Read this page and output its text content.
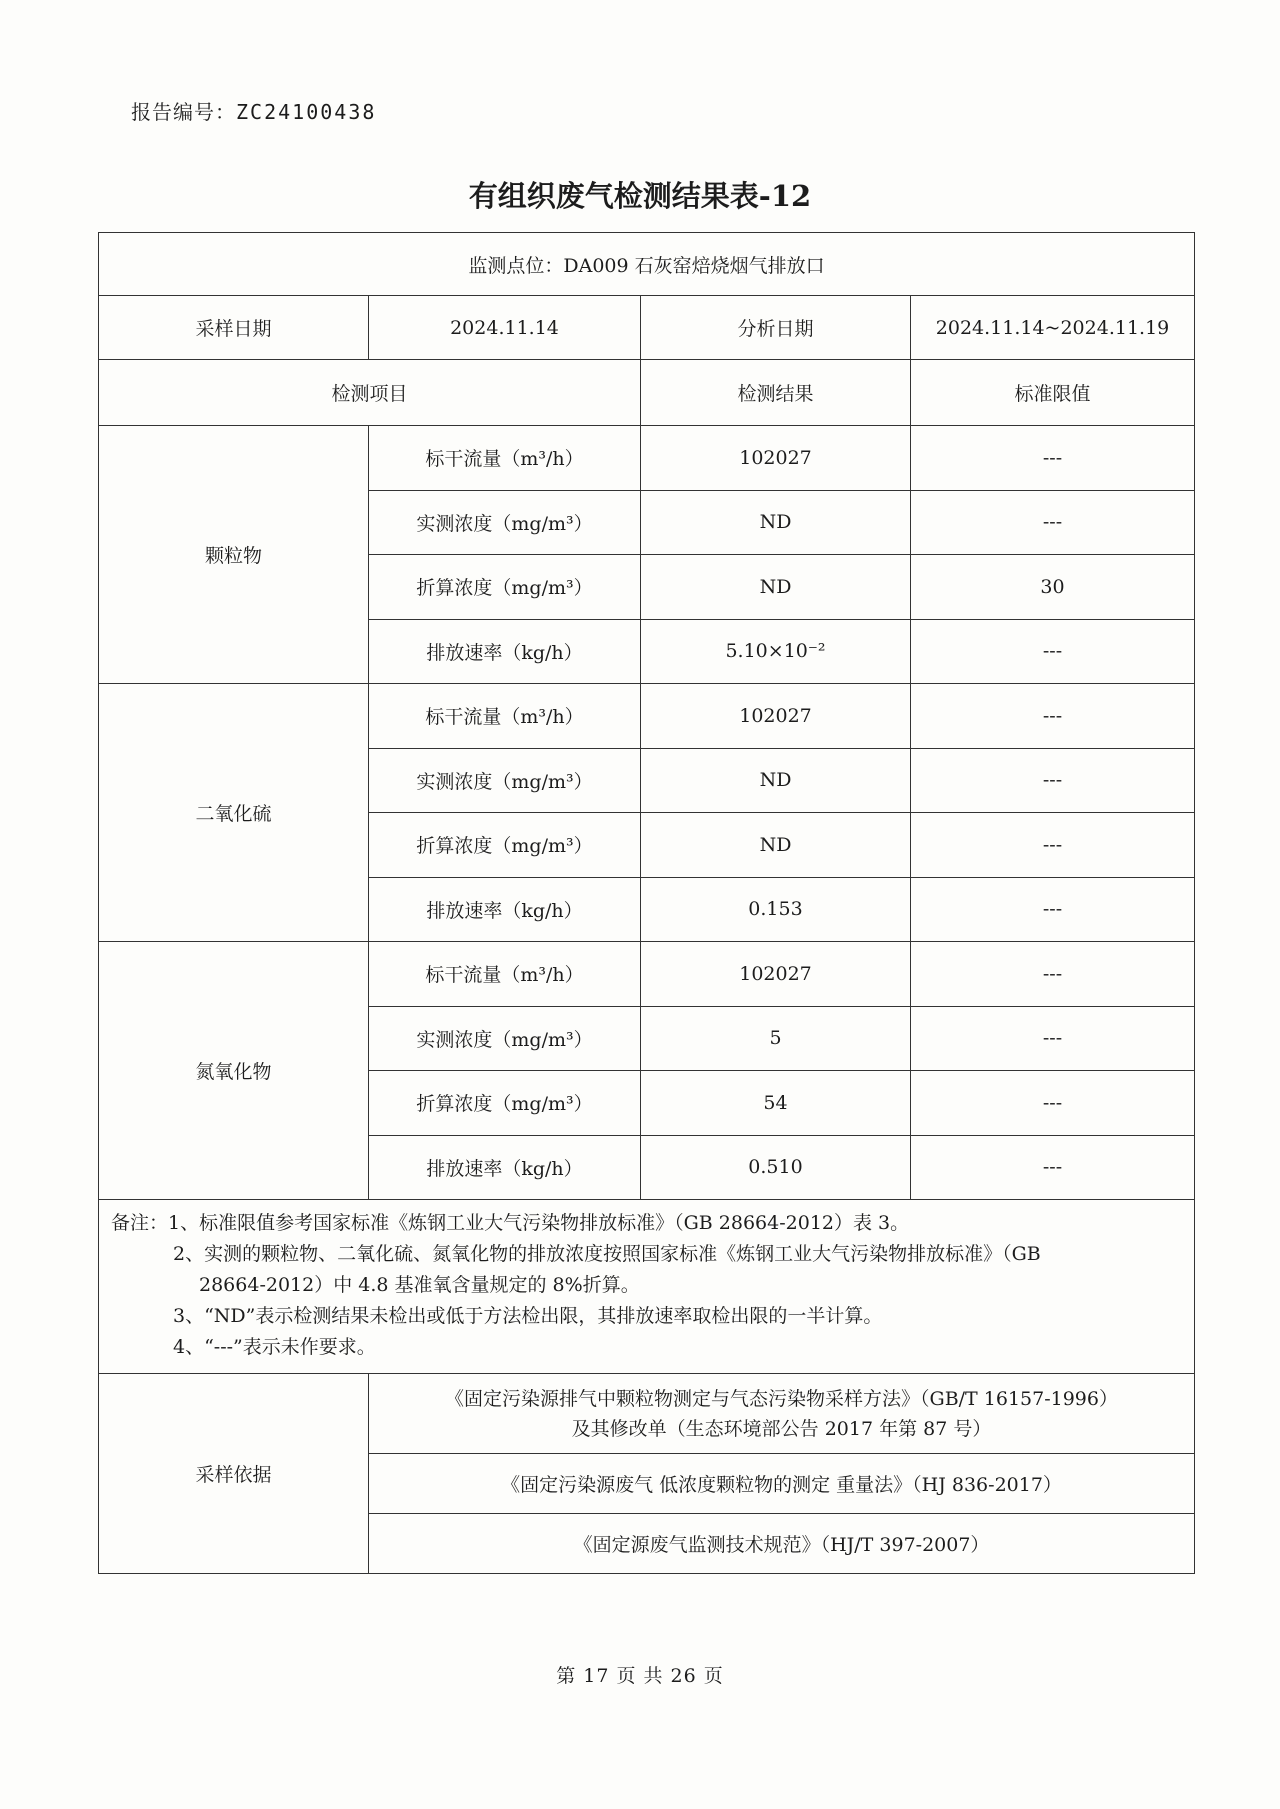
报告编号：ZC24100438
有组织废气检测结果表-12
监测点位：DA009 石灰窑焙烧烟气排放口			
采样日期	2024.11.14	分析日期	2024.11.14~2024.11.19
检测项目		检测结果	标准限值
颗粒物	标干流量（m³/h）	102027	---
	实测浓度（mg/m³）	ND	---
	折算浓度（mg/m³）	ND	30
	排放速率（kg/h）	5.10×10⁻²	---
二氧化硫	标干流量（m³/h）	102027	---
	实测浓度（mg/m³）	ND	---
	折算浓度（mg/m³）	ND	---
	排放速率（kg/h）	0.153	---
氮氧化物	标干流量（m³/h）	102027	---
	实测浓度（mg/m³）	5	---
	折算浓度（mg/m³）	54	---
	排放速率（kg/h）	0.510	---

备注：1、标准限值参考国家标准《炼钢工业大气污染物排放标准》（GB 28664-2012）表 3。
2、实测的颗粒物、二氧化硫、氮氧化物的排放浓度按照国家标准《炼钢工业大气污染物排放标准》（GB
28664-2012）中 4.8 基准氧含量规定的 8%折算。
3、“ND”表示检测结果未检出或低于方法检出限，其排放速率取检出限的一半计算。
4、“---”表示未作要求。			

采样依据	《固定污染源排气中颗粒物测定与气态污染物采样方法》（GB/T 16157-1996）
及其修改单（生态环境部公告 2017 年第 87 号）		

	《固定污染源废气 低浓度颗粒物的测定 重量法》（HJ 836-2017）		
	《固定源废气监测技术规范》（HJ/T 397-2007）		
第 17 页 共 26 页
